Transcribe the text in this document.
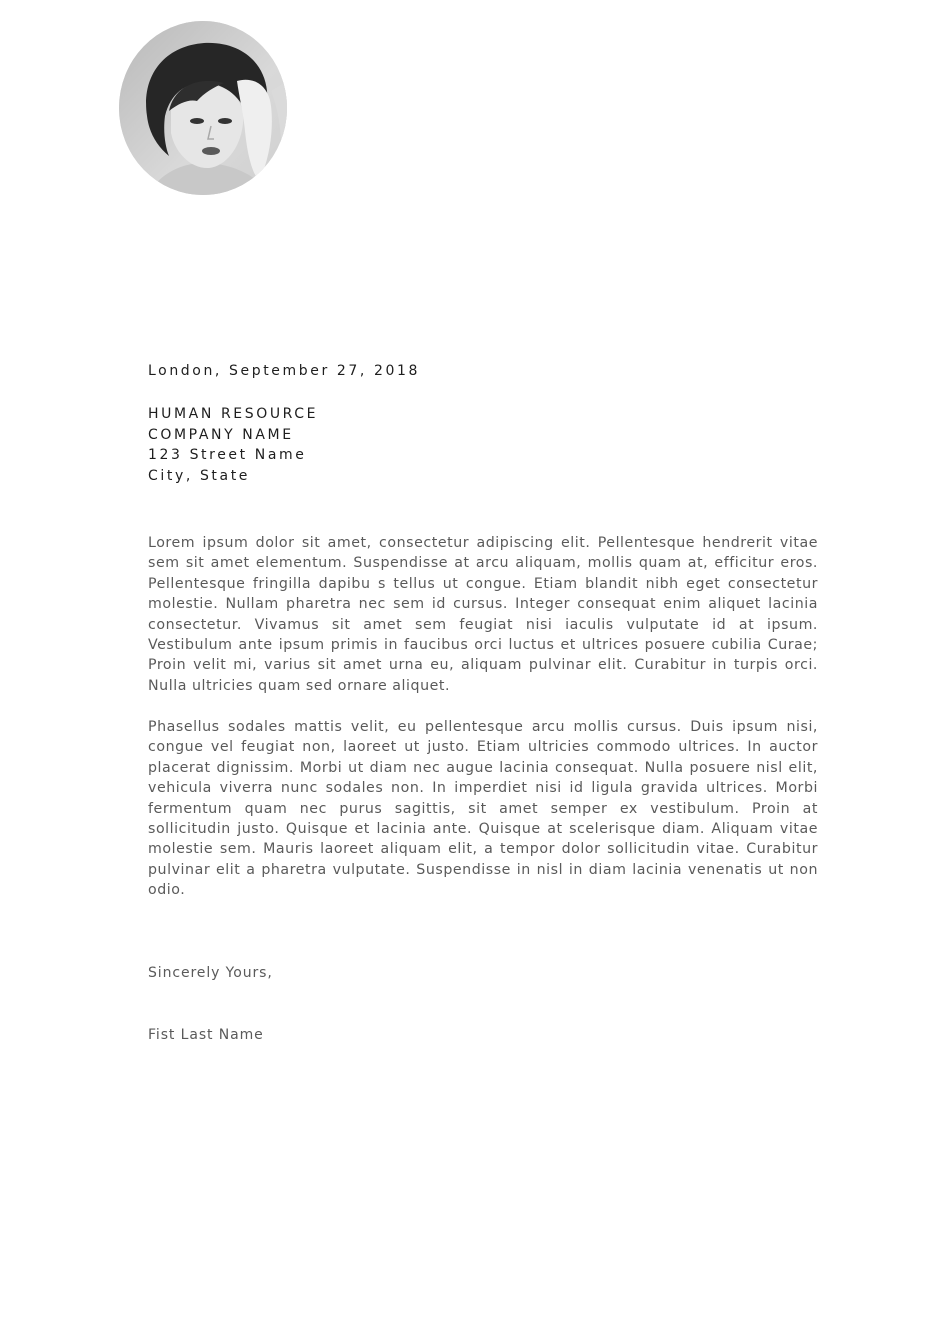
London, September 27, 2018
HUMAN RESOURCE
COMPANY NAME
123 Street Name
City, State

Lorem ipsum dolor sit amet, consectetur adipiscing elit. Pellentesque hendrerit vitae sem sit amet elementum. Suspendisse at arcu aliquam, mollis quam at, efficitur eros. Pellentesque fringilla dapibu s tellus ut congue. Etiam blandit nibh eget consectetur molestie. Nullam pharetra nec sem id cursus. Integer consequat enim aliquet lacinia consectetur. Vivamus sit amet sem feugiat nisi iaculis vulputate id at ipsum. Vestibulum ante ipsum primis in faucibus orci luctus et ultrices posuere cubilia Curae; Proin velit mi, varius sit amet urna eu, aliquam pulvinar elit. Curabitur in turpis orci. Nulla ultricies quam sed ornare aliquet.

Phasellus sodales mattis velit, eu pellentesque arcu mollis cursus. Duis ipsum nisi, congue vel feugiat non, laoreet ut justo. Etiam ultricies commodo ultrices. In auctor placerat dignissim. Morbi ut diam nec augue lacinia consequat. Nulla posuere nisl elit, vehicula viverra nunc sodales non. In imperdiet nisi id ligula gravida ultrices. Morbi fermentum quam nec purus sagittis, sit amet semper ex vestibulum. Proin at sollicitudin justo. Quisque et lacinia ante. Quisque at scelerisque diam. Aliquam vitae molestie sem. Mauris laoreet aliquam elit, a tempor dolor sollicitudin vitae. Curabitur pulvinar elit a pharetra vulputate. Suspendisse in nisl in diam lacinia venenatis ut non odio.

Sincerely Yours,
Fist Last Name
